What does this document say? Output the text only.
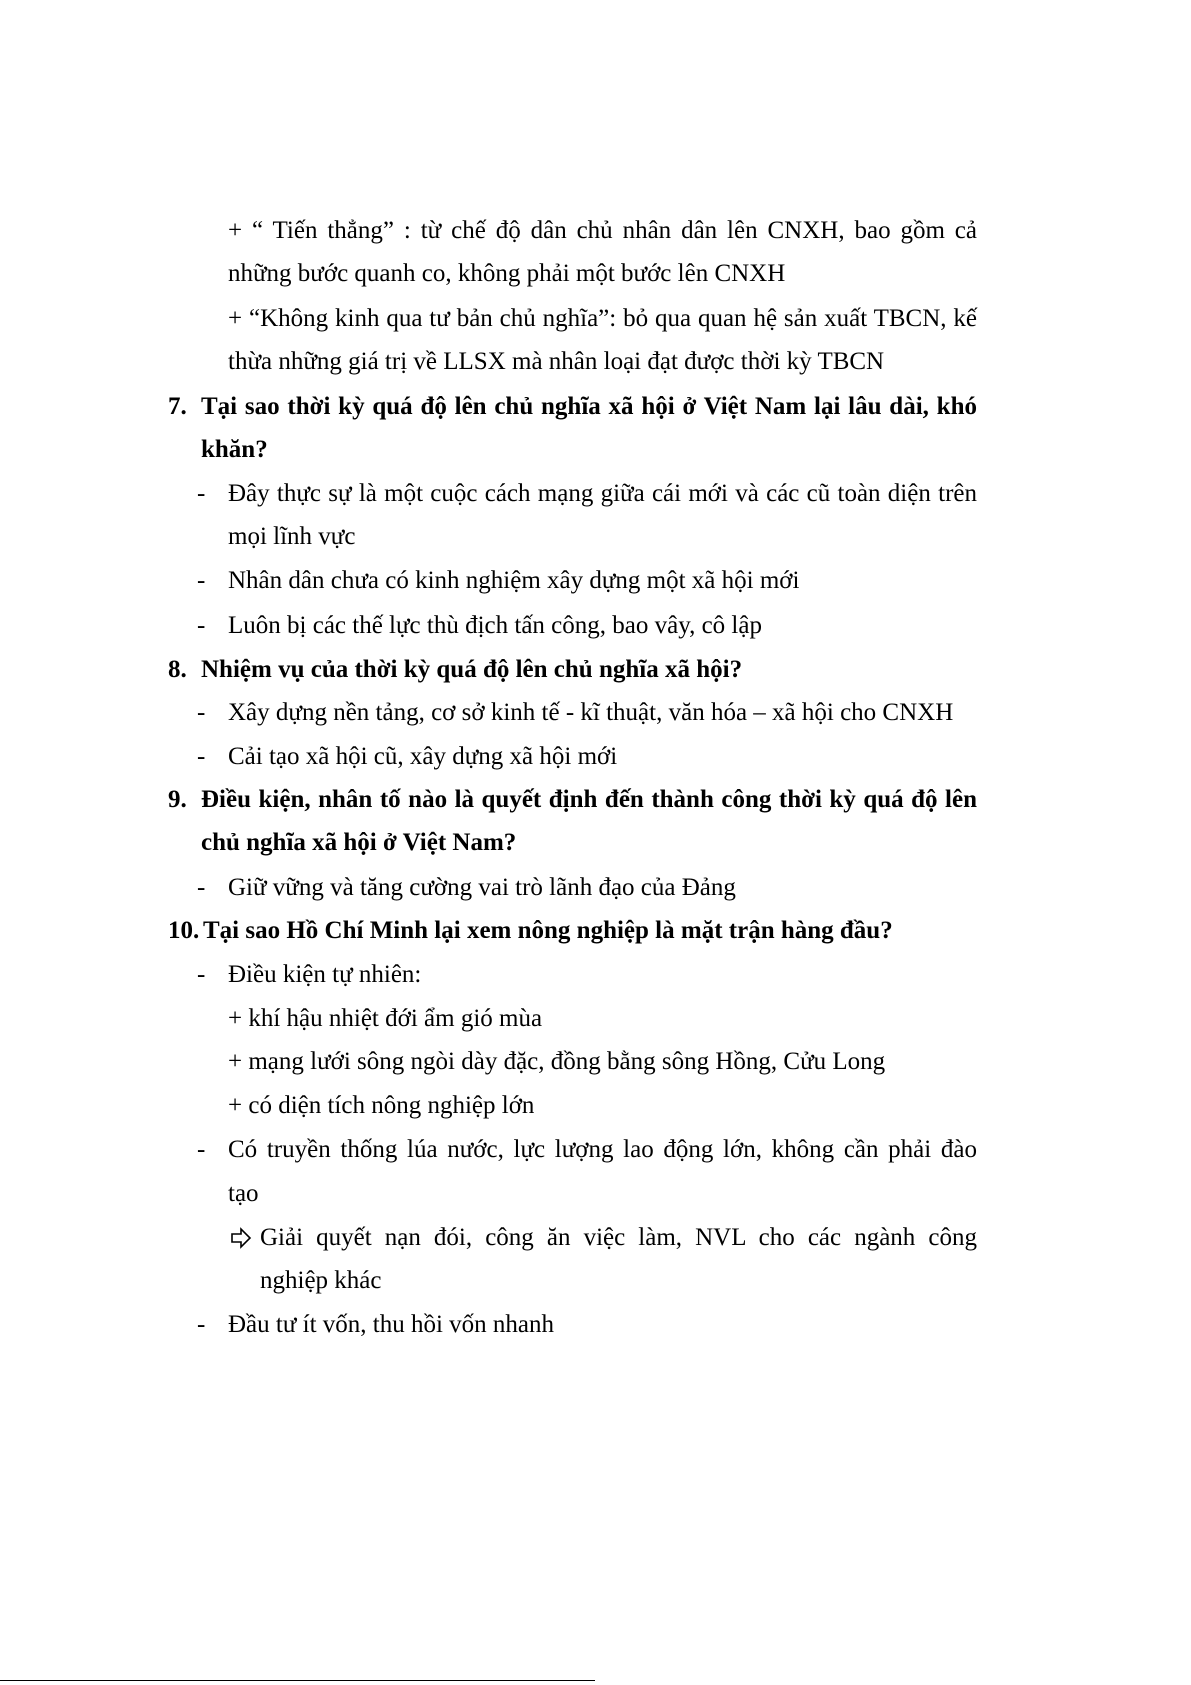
+ “ Tiến thẳng” : từ chế độ dân chủ nhân dân lên CNXH, bao gồm cả
những bước quanh co, không phải một bước lên CNXH
+ “Không kinh qua tư bản chủ nghĩa”: bỏ qua quan hệ sản xuất TBCN, kế
thừa những giá trị về LLSX mà nhân loại đạt được thời kỳ TBCN
7. Tại sao thời kỳ quá độ lên chủ nghĩa xã hội ở Việt Nam lại lâu dài, khó
khăn?
- Đây thực sự là một cuộc cách mạng giữa cái mới và các cũ toàn diện trên
mọi lĩnh vực
- Nhân dân chưa có kinh nghiệm xây dựng một xã hội mới
- Luôn bị các thế lực thù địch tấn công, bao vây, cô lập
8. Nhiệm vụ của thời kỳ quá độ lên chủ nghĩa xã hội?
- Xây dựng nền tảng, cơ sở kinh tế - kĩ thuật, văn hóa – xã hội cho CNXH
- Cải tạo xã hội cũ, xây dựng xã hội mới
9. Điều kiện, nhân tố nào là quyết định đến thành công thời kỳ quá độ lên
chủ nghĩa xã hội ở Việt Nam?
- Giữ vững và tăng cường vai trò lãnh đạo của Đảng
10. Tại sao Hồ Chí Minh lại xem nông nghiệp là mặt trận hàng đầu?
- Điều kiện tự nhiên:
+ khí hậu nhiệt đới ẩm gió mùa
+ mạng lưới sông ngòi dày đặc, đồng bằng sông Hồng, Cửu Long
+ có diện tích nông nghiệp lớn
- Có truyền thống lúa nước, lực lượng lao động lớn, không cần phải đào
tạo
Giải quyết nạn đói, công ăn việc làm, NVL cho các ngành công
nghiệp khác
- Đầu tư ít vốn, thu hồi vốn nhanh
